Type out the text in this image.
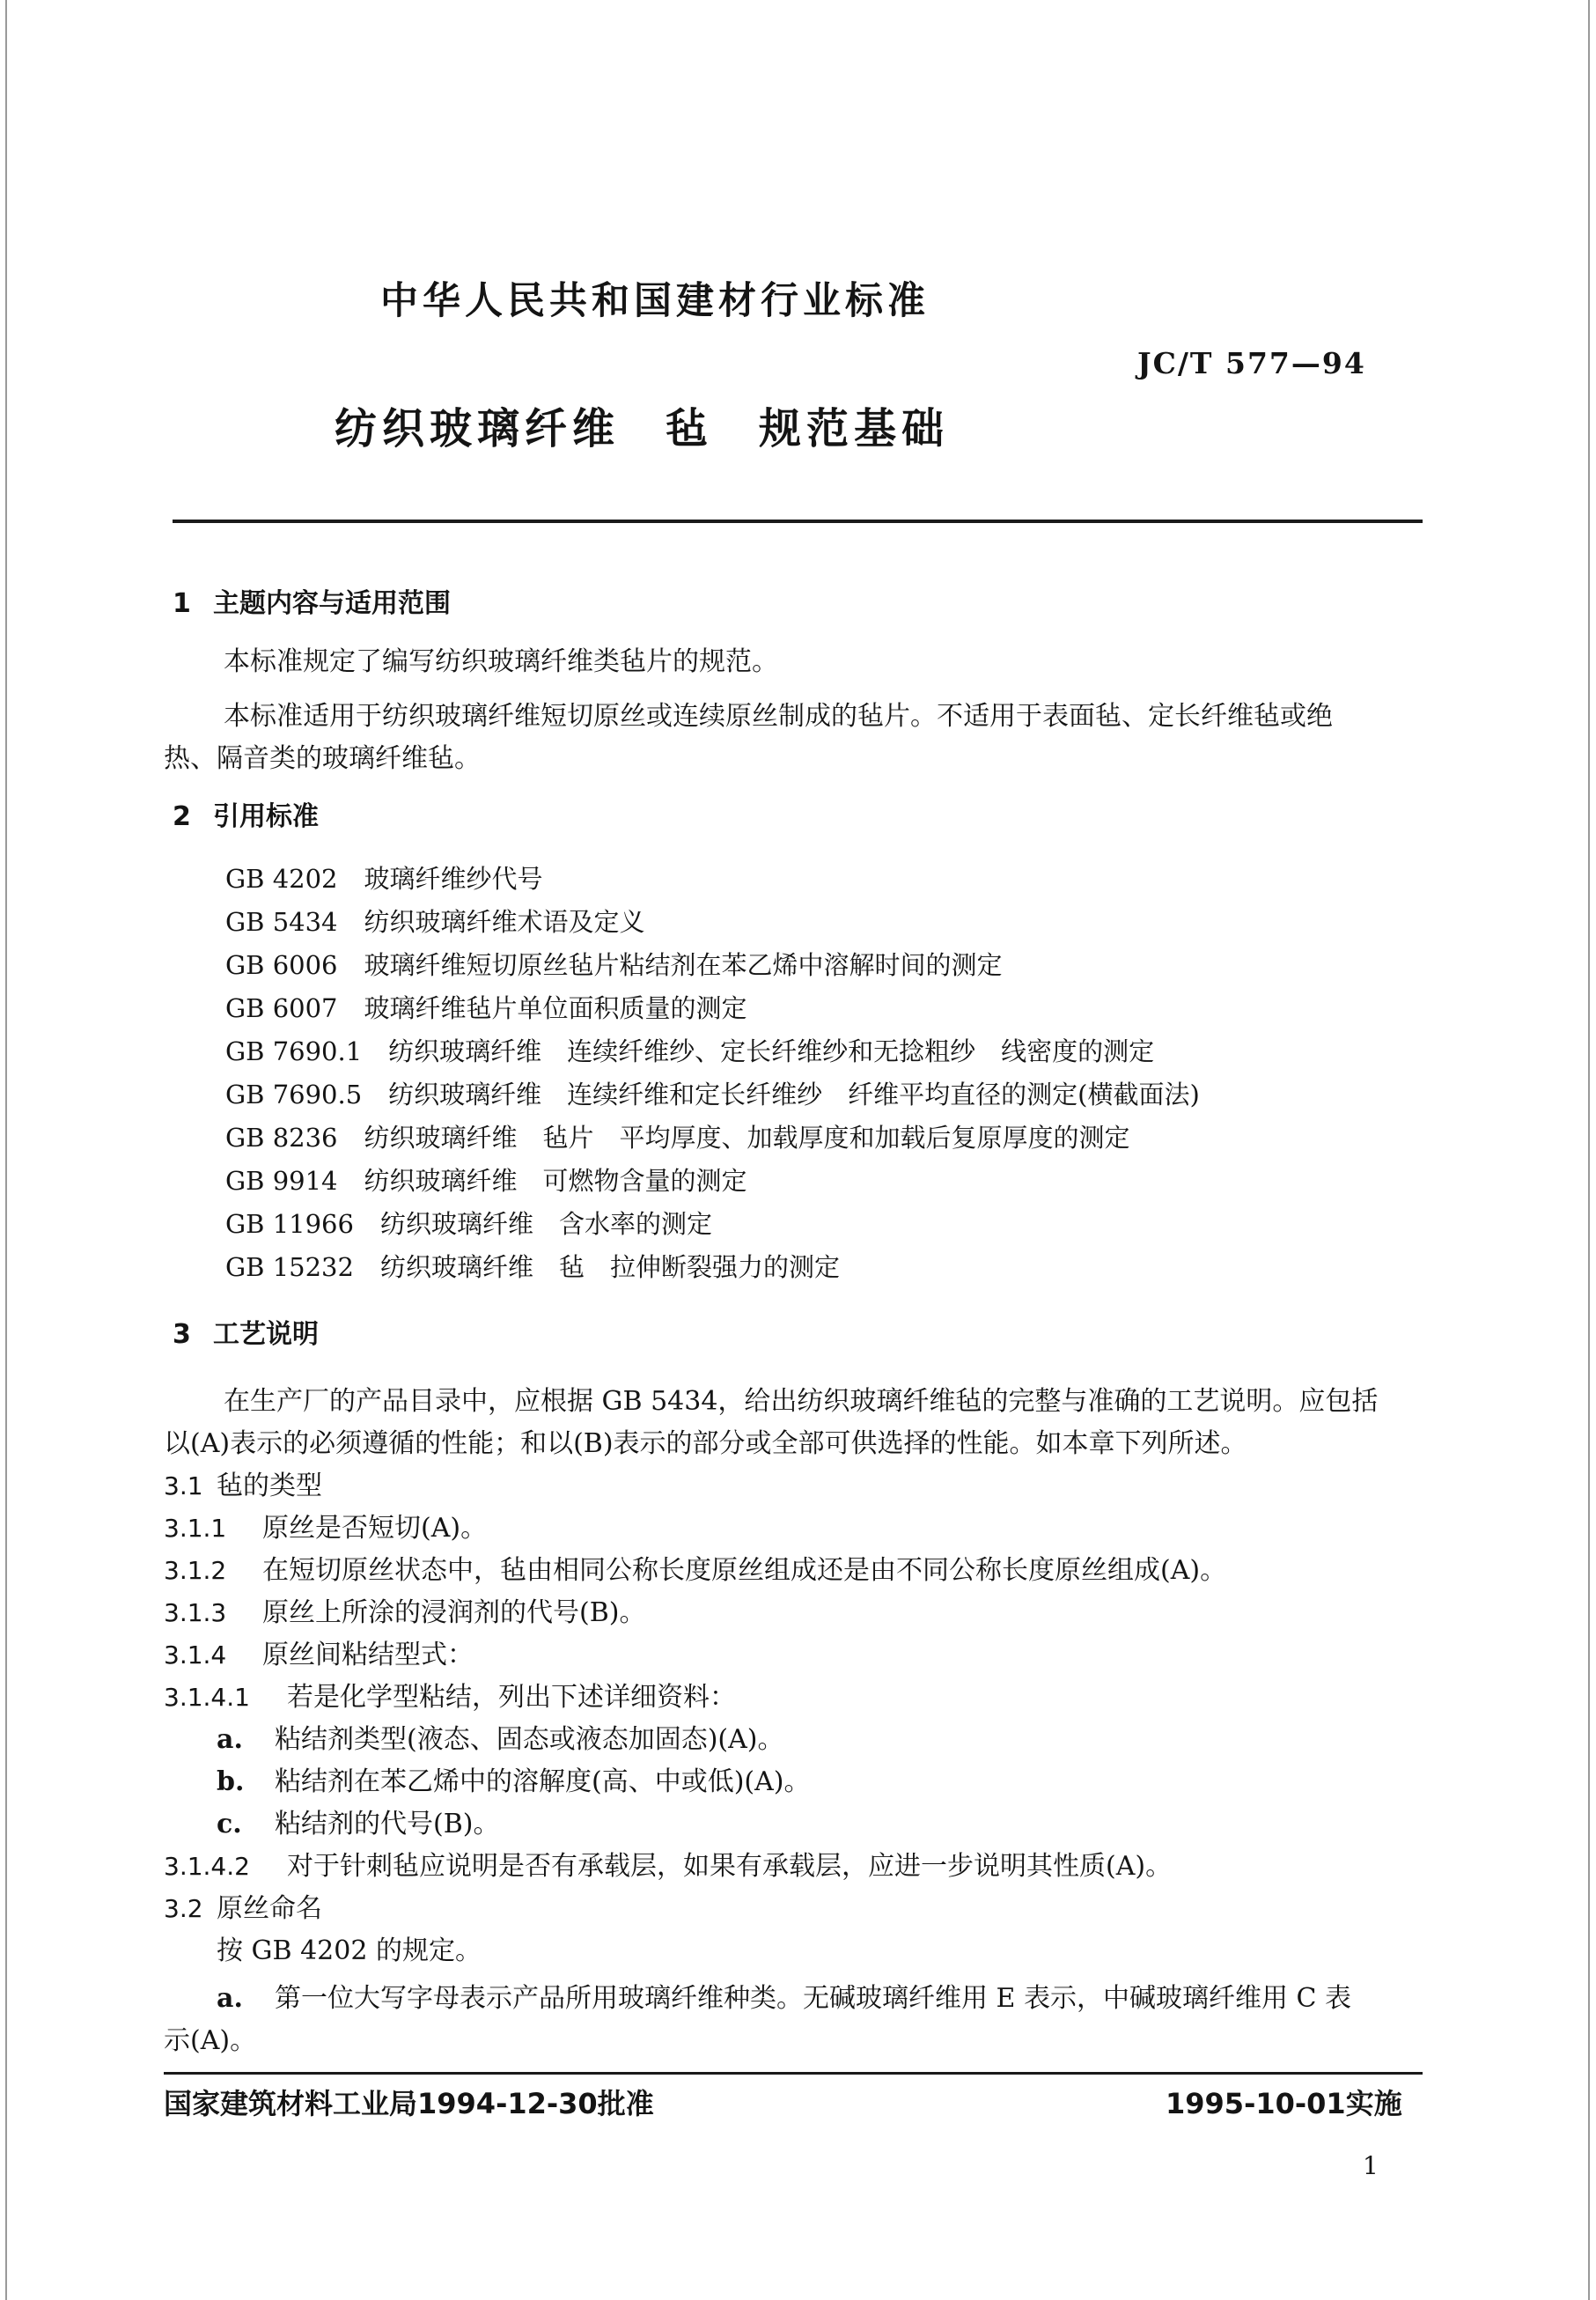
中华人民共和国建材行业标准
JC/T 577—94
纺织玻璃纤维 毡 规范基础
1 主题内容与适用范围
本标准规定了编写纺织玻璃纤维类毡片的规范。
本标准适用于纺织玻璃纤维短切原丝或连续原丝制成的毡片。不适用于表面毡、定长纤维毡或绝
热、隔音类的玻璃纤维毡。
2 引用标准
GB 4202 玻璃纤维纱代号
GB 5434 纺织玻璃纤维术语及定义
GB 6006 玻璃纤维短切原丝毡片粘结剂在苯乙烯中溶解时间的测定
GB 6007 玻璃纤维毡片单位面积质量的测定
GB 7690.1 纺织玻璃纤维　连续纤维纱、定长纤维纱和无捻粗纱　线密度的测定
GB 7690.5 纺织玻璃纤维　连续纤维和定长纤维纱　纤维平均直径的测定(横截面法)
GB 8236 纺织玻璃纤维　毡片　平均厚度、加载厚度和加载后复原厚度的测定
GB 9914 纺织玻璃纤维　可燃物含量的测定
GB 11966 纺织玻璃纤维　含水率的测定
GB 15232 纺织玻璃纤维　毡　拉伸断裂强力的测定
3 工艺说明
在生产厂的产品目录中，应根据 GB 5434，给出纺织玻璃纤维毡的完整与准确的工艺说明。应包括
以(A)表示的必须遵循的性能；和以(B)表示的部分或全部可供选择的性能。如本章下列所述。
3.1 毡的类型
3.1.1 原丝是否短切(A)。
3.1.2 在短切原丝状态中，毡由相同公称长度原丝组成还是由不同公称长度原丝组成(A)。
3.1.3 原丝上所涂的浸润剂的代号(B)。
3.1.4 原丝间粘结型式：
3.1.4.1 若是化学型粘结，列出下述详细资料：
a. 粘结剂类型(液态、固态或液态加固态)(A)。
b. 粘结剂在苯乙烯中的溶解度(高、中或低)(A)。
c. 粘结剂的代号(B)。
3.1.4.2 对于针刺毡应说明是否有承载层，如果有承载层，应进一步说明其性质(A)。
3.2 原丝命名
按 GB 4202 的规定。
a. 第一位大写字母表示产品所用玻璃纤维种类。无碱玻璃纤维用 E 表示，中碱玻璃纤维用 C 表
示(A)。
国家建筑材料工业局1994-12-30批准	1995-10-01实施
1
